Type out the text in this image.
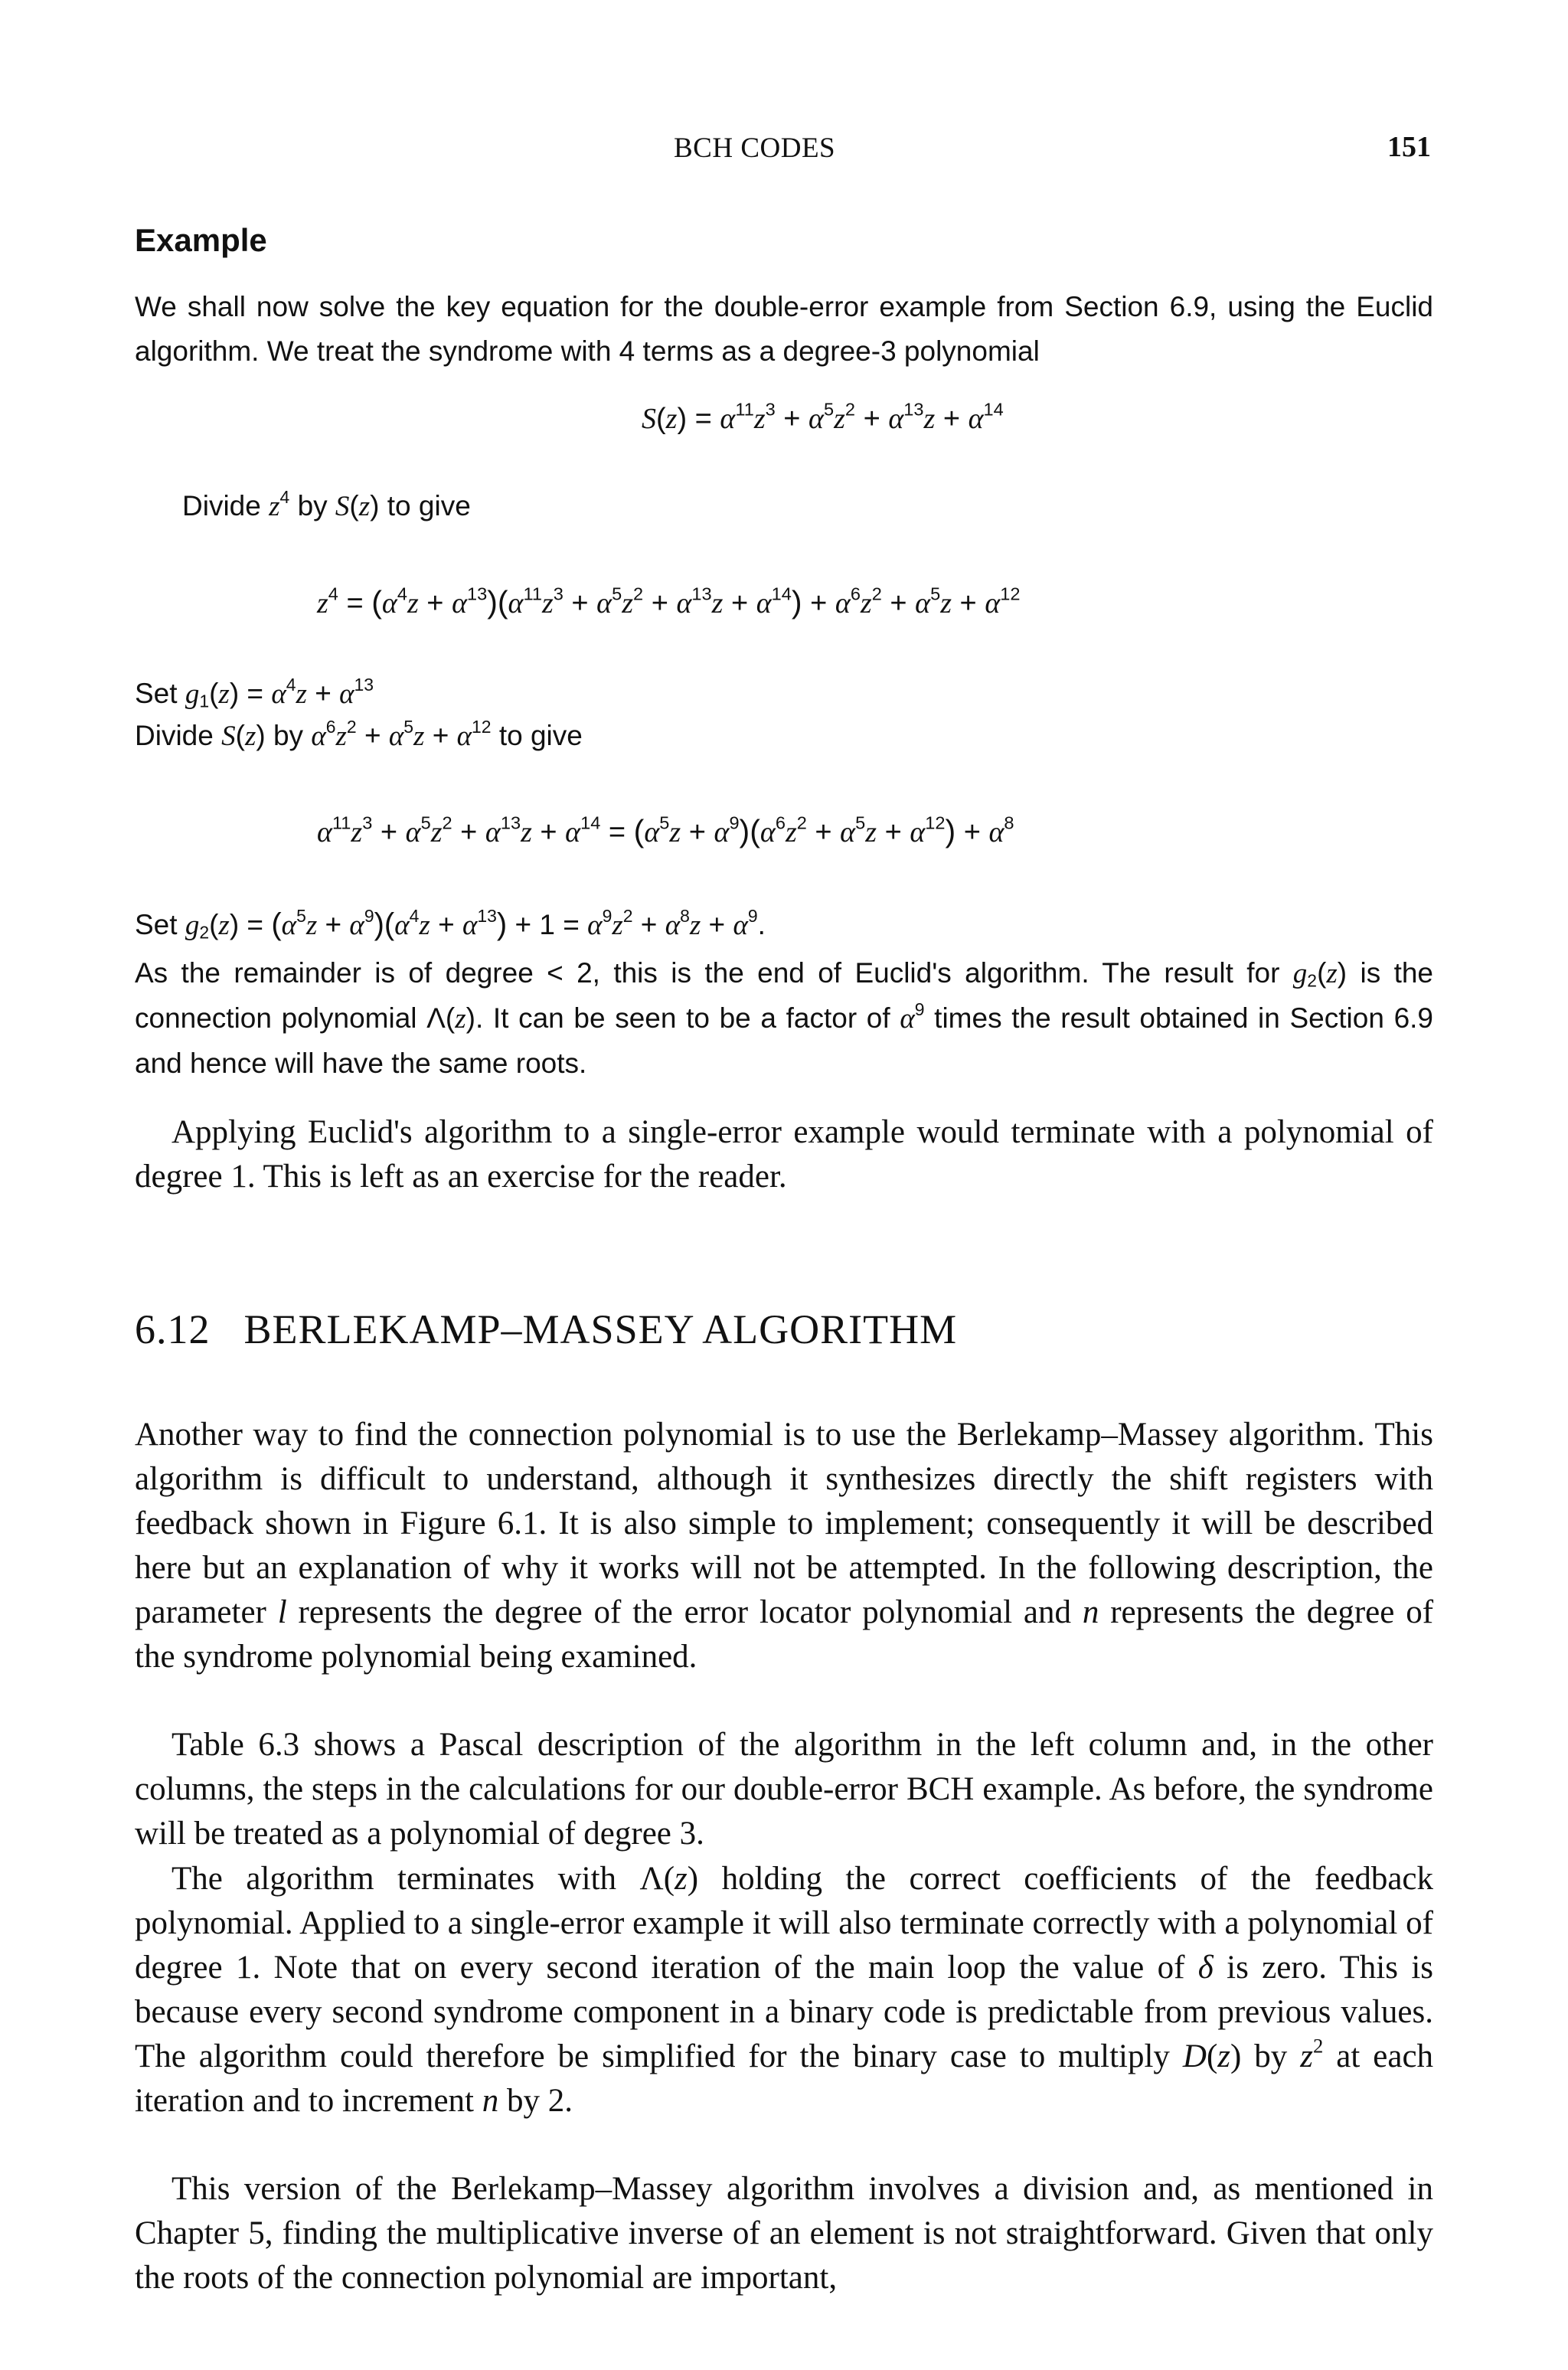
BCH CODES	151
Example
We shall now solve the key equation for the double-error example from Section 6.9, using the Euclid algorithm. We treat the syndrome with 4 terms as a degree-3 polynomial
$S(z) = \alpha^{11}z^3 + \alpha^5z^2 + \alpha^{13}z + \alpha^{14}$
Divide $z^4$ by S(z) to give
$z^4 = (\alpha^4z + \alpha^{13})(\alpha^{11}z^3 + \alpha^5z^2 + \alpha^{13}z + \alpha^{14}) + \alpha^6z^2 + \alpha^5z + \alpha^{12}$
Set $g_1(z) = \alpha^4z + \alpha^{13}$
Divide S(z) by $\alpha^6z^2 + \alpha^5z + \alpha^{12}$ to give
$\alpha^{11}z^3 + \alpha^5z^2 + \alpha^{13}z + \alpha^{14} = (\alpha^5z + \alpha^9)(\alpha^6z^2 + \alpha^5z + \alpha^{12}) + \alpha^8$
Set $g_2(z) = (\alpha^5z + \alpha^9)(\alpha^4z + \alpha^{13}) + 1 = \alpha^9z^2 + \alpha^8z + \alpha^9$.
As the remainder is of degree < 2, this is the end of Euclid's algorithm. The result for $g_2(z)$ is the connection polynomial Λ(z). It can be seen to be a factor of $\alpha^9$ times the result obtained in Section 6.9 and hence will have the same roots.
Applying Euclid's algorithm to a single-error example would terminate with a polynomial of degree 1. This is left as an exercise for the reader.
6.12 BERLEKAMP–MASSEY ALGORITHM
Another way to find the connection polynomial is to use the Berlekamp–Massey algorithm. This algorithm is difficult to understand, although it synthesizes directly the shift registers with feedback shown in Figure 6.1. It is also simple to implement; consequently it will be described here but an explanation of why it works will not be attempted. In the following description, the parameter l represents the degree of the error locator polynomial and n represents the degree of the syndrome polynomial being examined.
Table 6.3 shows a Pascal description of the algorithm in the left column and, in the other columns, the steps in the calculations for our double-error BCH example. As before, the syndrome will be treated as a polynomial of degree 3.
The algorithm terminates with Λ(z) holding the correct coefficients of the feedback polynomial. Applied to a single-error example it will also terminate correctly with a polynomial of degree 1. Note that on every second iteration of the main loop the value of δ is zero. This is because every second syndrome component in a binary code is predictable from previous values. The algorithm could therefore be simplified for the binary case to multiply D(z) by $z^2$ at each iteration and to increment n by 2.
This version of the Berlekamp–Massey algorithm involves a division and, as mentioned in Chapter 5, finding the multiplicative inverse of an element is not straightforward. Given that only the roots of the connection polynomial are important,
